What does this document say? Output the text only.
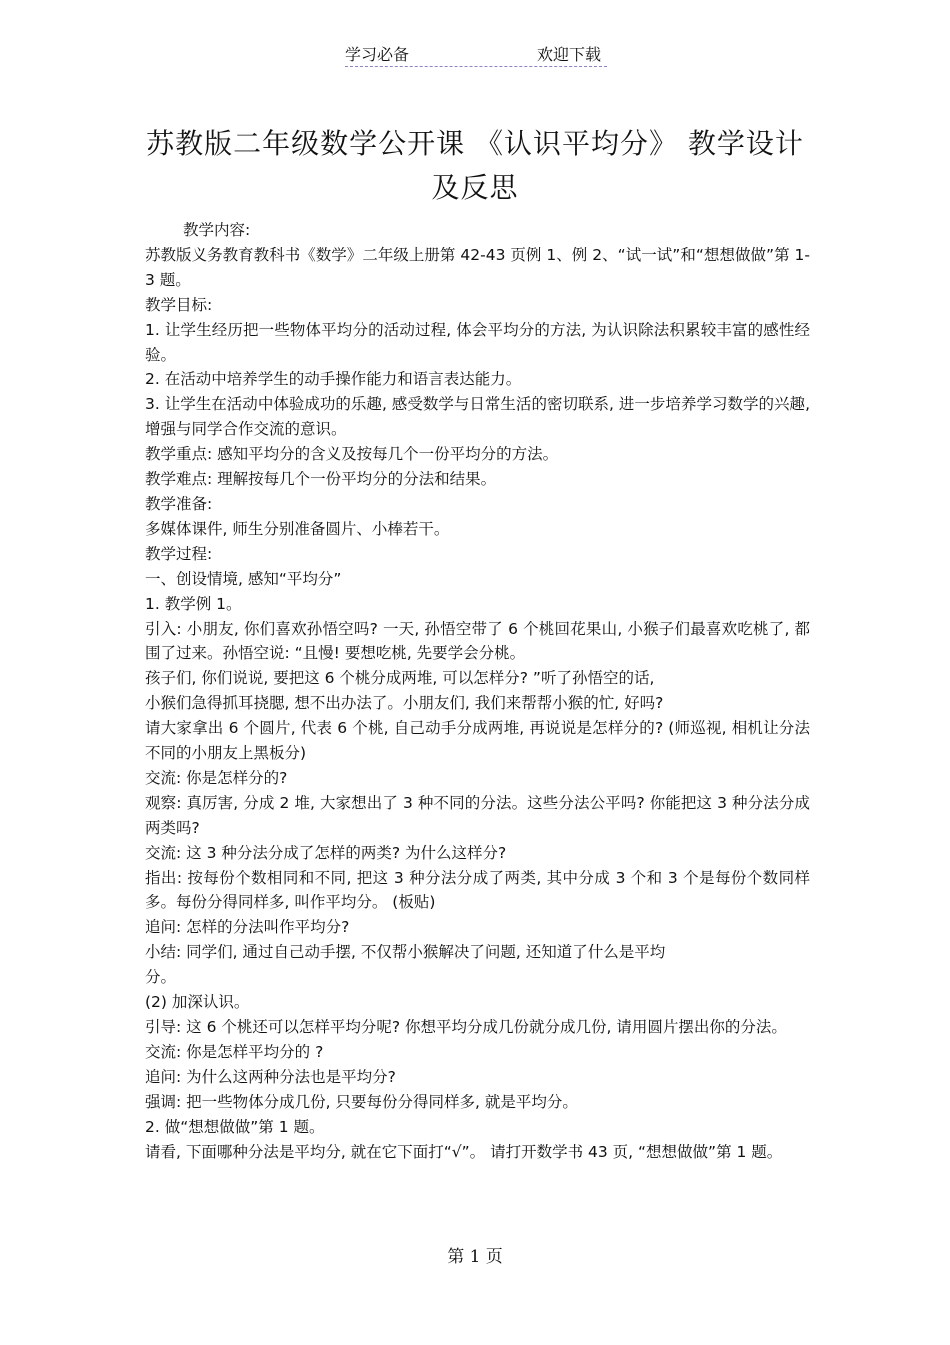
学习必备	欢迎下载
苏教版二年级数学公开课 《认识平均分》 教学设计及反思

教学内容:

苏教版义务教育教科书《数学》二年级上册第 42-43 页例 1、例 2、“试一试”和“想想做做”第 1-3 题。

教学目标:

1. 让学生经历把一些物体平均分的活动过程, 体会平均分的方法, 为认识除法积累较丰富的感性经验。

2. 在活动中培养学生的动手操作能力和语言表达能力。

3. 让学生在活动中体验成功的乐趣, 感受数学与日常生活的密切联系, 进一步培养学习数学的兴趣, 增强与同学合作交流的意识。

教学重点: 感知平均分的含义及按每几个一份平均分的方法。

教学难点: 理解按每几个一份平均分的分法和结果。

教学准备:

多媒体课件, 师生分别准备圆片、小棒若干。

教学过程:

一、创设情境, 感知“平均分”

1. 教学例 1。

引入: 小朋友, 你们喜欢孙悟空吗? 一天, 孙悟空带了 6 个桃回花果山, 小猴子们最喜欢吃桃了, 都围了过来。孙悟空说: “且慢! 要想吃桃, 先要学会分桃。

孩子们, 你们说说, 要把这 6 个桃分成两堆, 可以怎样分? ”听了孙悟空的话,

小猴们急得抓耳挠腮, 想不出办法了。小朋友们, 我们来帮帮小猴的忙, 好吗?

请大家拿出 6 个圆片, 代表 6 个桃, 自己动手分成两堆, 再说说是怎样分的? (师巡视, 相机让分法不同的小朋友上黑板分)

交流: 你是怎样分的?

观察: 真厉害, 分成 2 堆, 大家想出了 3 种不同的分法。这些分法公平吗? 你能把这 3 种分法分成两类吗?

交流: 这 3 种分法分成了怎样的两类? 为什么这样分?

指出: 按每份个数相同和不同, 把这 3 种分法分成了两类, 其中分成 3 个和 3 个是每份个数同样多。每份分得同样多, 叫作平均分。 (板贴)

追问: 怎样的分法叫作平均分?

小结: 同学们, 通过自己动手摆, 不仅帮小猴解决了问题, 还知道了什么是平均

分。

(2) 加深认识。

引导: 这 6 个桃还可以怎样平均分呢? 你想平均分成几份就分成几份, 请用圆片摆出你的分法。

交流: 你是怎样平均分的 ?

追问: 为什么这两种分法也是平均分?

强调: 把一些物体分成几份, 只要每份分得同样多, 就是平均分。

2. 做“想想做做”第 1 题。

请看, 下面哪种分法是平均分, 就在它下面打“√”。 请打开数学书 43 页, “想想做做”第 1 题。

第 1 页
